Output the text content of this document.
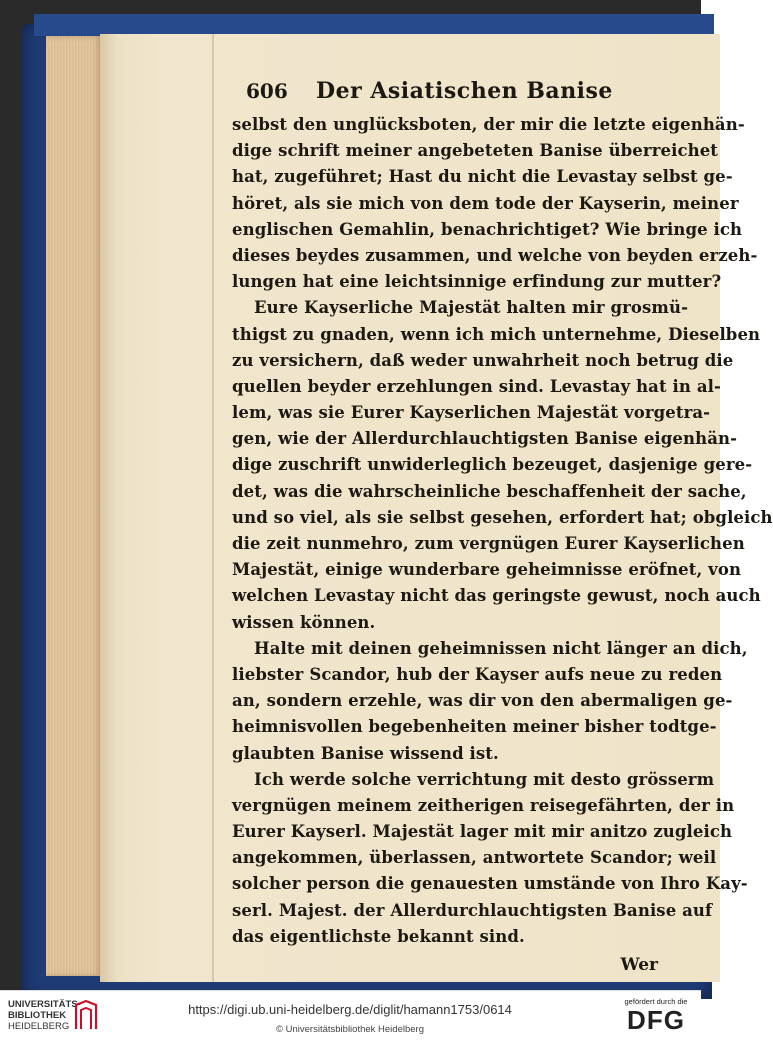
606	Der Asiatischen Banise
selbst den unglücksboten, der mir die letzte eigenhän-
dige schrift meiner angebeteten Banise überreichet
hat, zugeführet; Hast du nicht die Levastay selbst ge-
höret, als sie mich von dem tode der Kayserin, meiner
englischen Gemahlin, benachrichtiget? Wie bringe ich
dieses beydes zusammen, und welche von beyden erzeh-
lungen hat eine leichtsinnige erfindung zur mutter?
Eure Kayserliche Majestät halten mir grosmü-
thigst zu gnaden, wenn ich mich unternehme, Dieselben
zu versichern, daß weder unwahrheit noch betrug die
quellen beyder erzehlungen sind. Levastay hat in al-
lem, was sie Eurer Kayserlichen Majestät vorgetra-
gen, wie der Allerdurchlauchtigsten Banise eigenhän-
dige zuschrift unwiderleglich bezeuget, dasjenige gere-
det, was die wahrscheinliche beschaffenheit der sache,
und so viel, als sie selbst gesehen, erfordert hat; obgleich
die zeit nunmehro, zum vergnügen Eurer Kayserlichen
Majestät, einige wunderbare geheimnisse eröfnet, von
welchen Levastay nicht das geringste gewust, noch auch
wissen können.
Halte mit deinen geheimnissen nicht länger an dich,
liebster Scandor, hub der Kayser aufs neue zu reden
an, sondern erzehle, was dir von den abermaligen ge-
heimnisvollen begebenheiten meiner bisher todtge-
glaubten Banise wissend ist.
Ich werde solche verrichtung mit desto grösserm
vergnügen meinem zeitherigen reisegefährten, der in
Eurer Kayserl. Majestät lager mit mir anitzo zugleich
angekommen, überlassen, antwortete Scandor; weil
solcher person die genauesten umstände von Ihro Kay-
serl. Majest. der Allerdurchlauchtigsten Banise auf
das eigentlichste bekannt sind.
Wer
UNIVERSITÄTS-
BIBLIOTHEK
HEIDELBERG
https://digi.ub.uni-heidelberg.de/diglit/hamann1753/0614
© Universitätsbibliothek Heidelberg
gefördert durch die
DFG
